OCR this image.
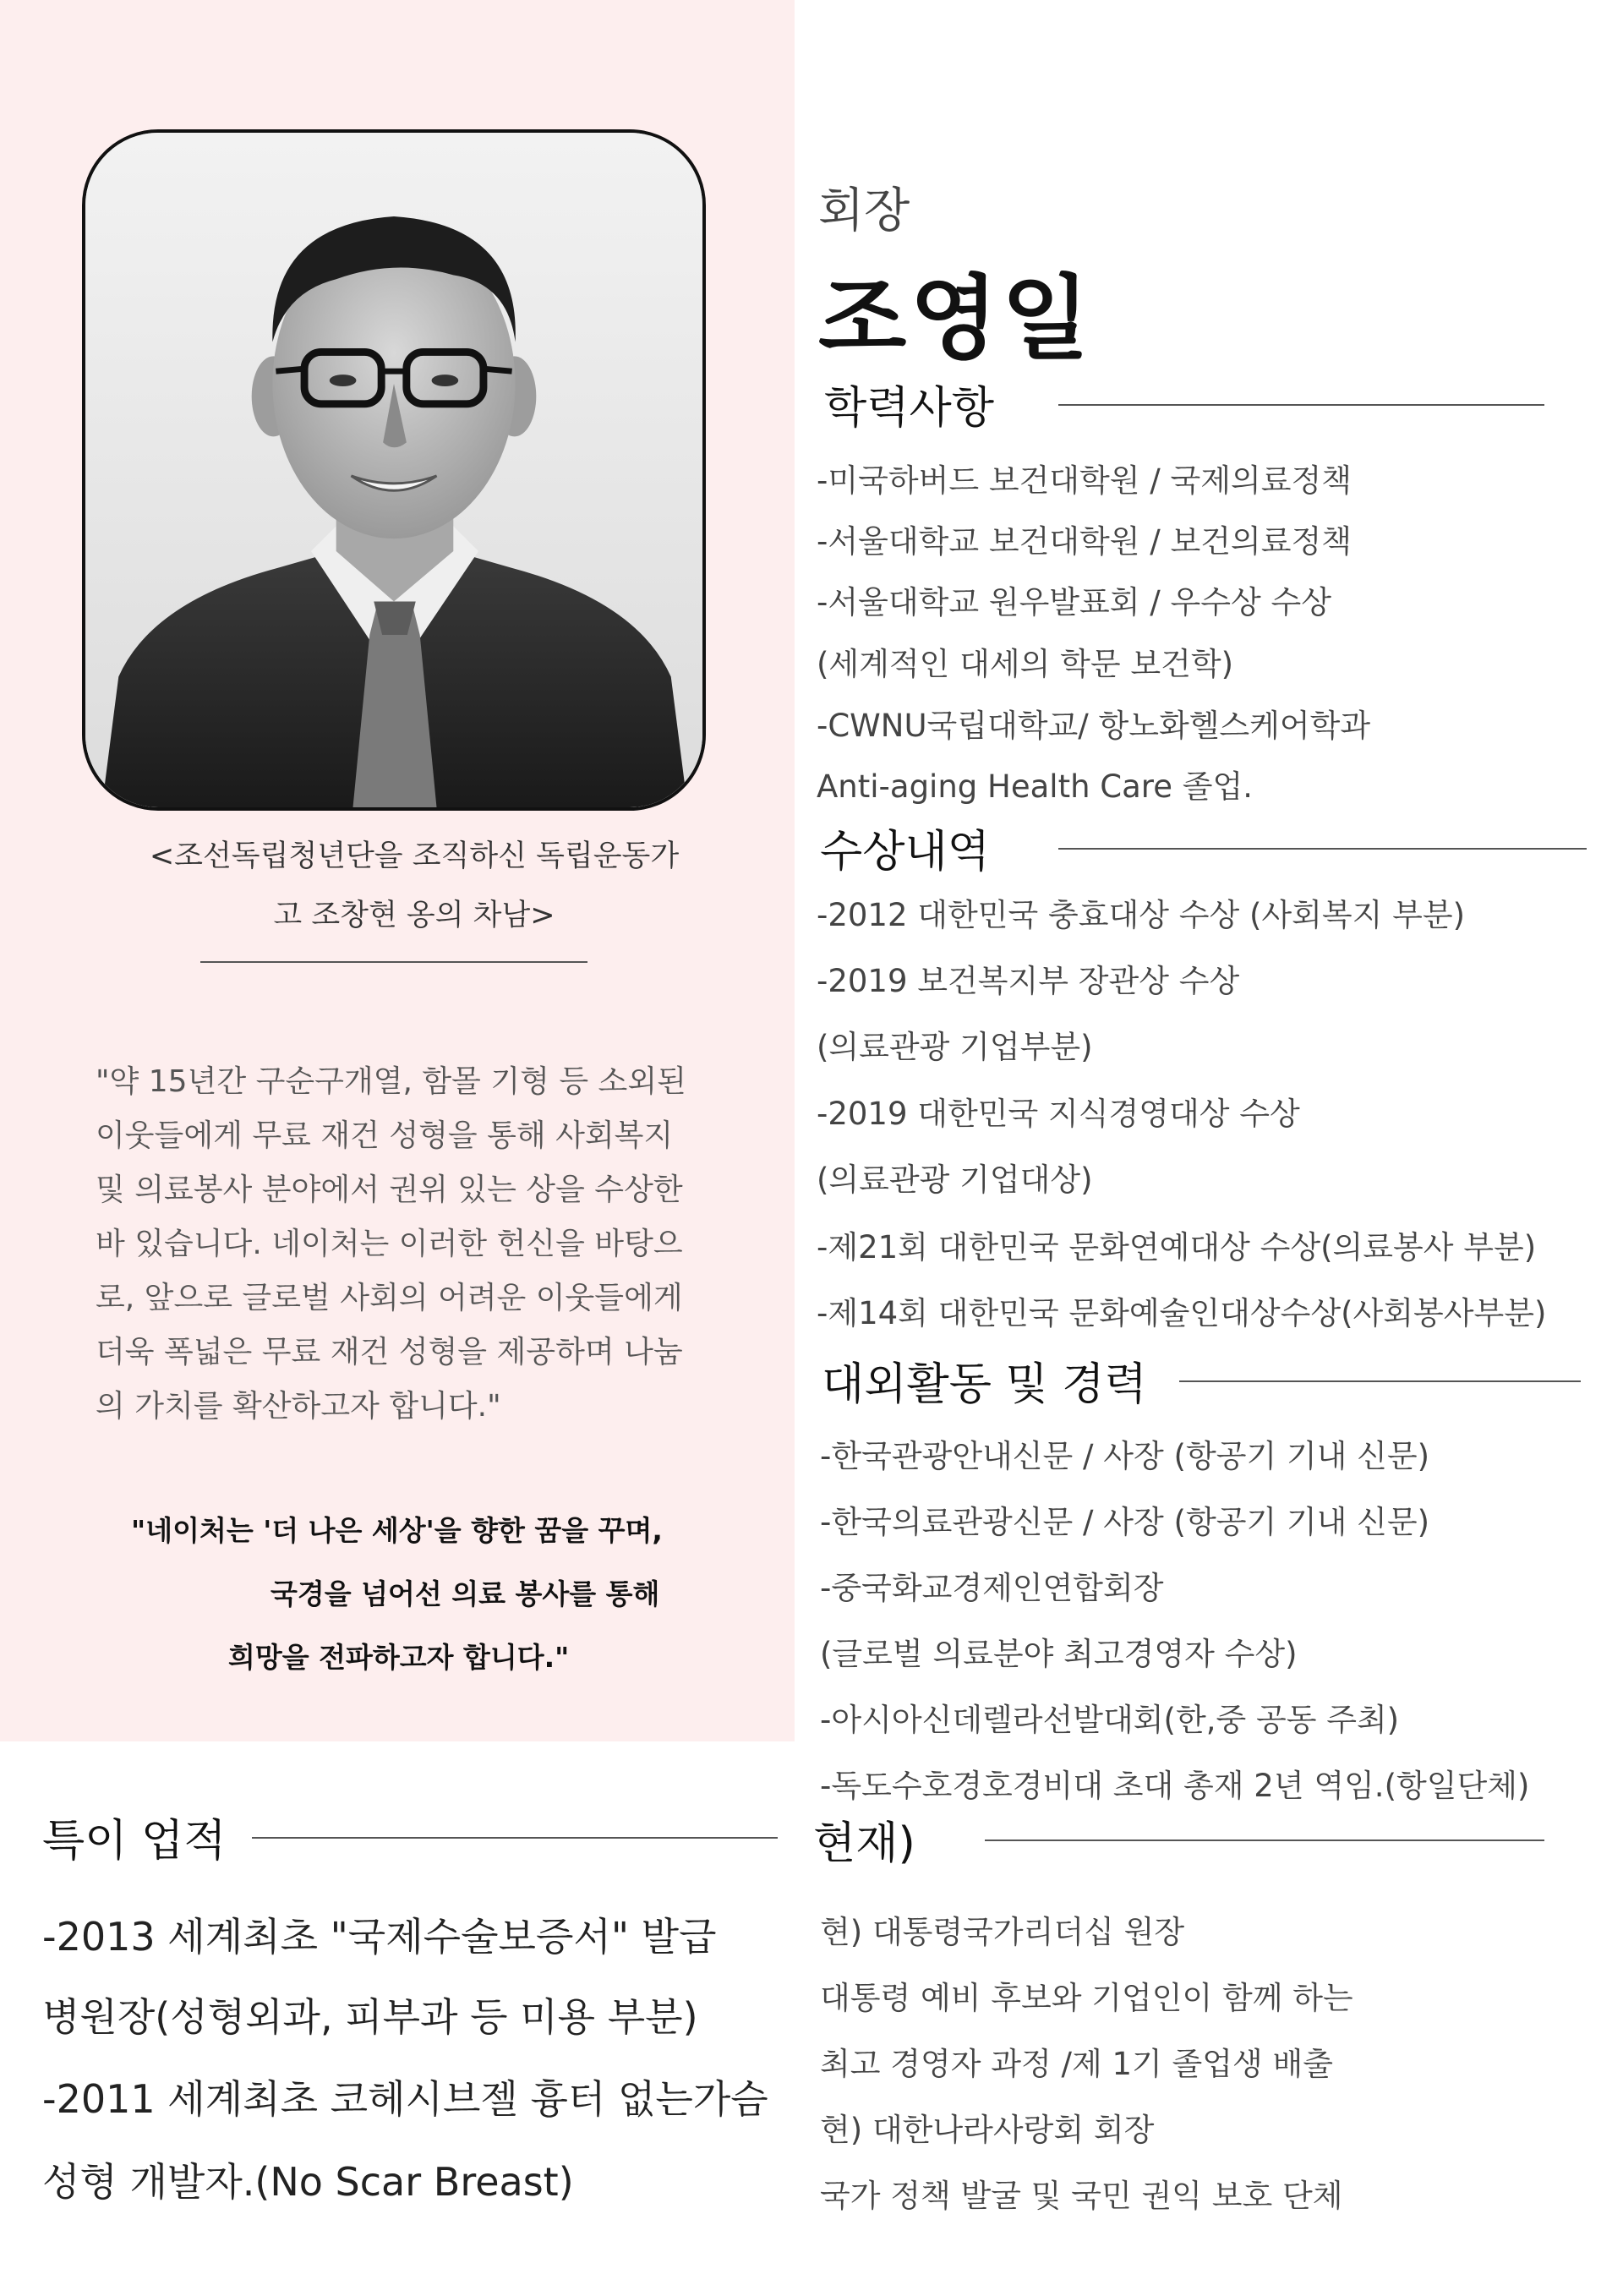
<조선독립청년단을 조직하신 독립운동가
고 조창현 옹의 차남>
"약 15년간 구순구개열, 함몰 기형 등 소외된
이웃들에게 무료 재건 성형을 통해 사회복지
및 의료봉사 분야에서 권위 있는 상을 수상한
바 있습니다. 네이처는 이러한 헌신을 바탕으
로, 앞으로 글로벌 사회의 어려운 이웃들에게
더욱 폭넓은 무료 재건 성형을 제공하며 나눔
의 가치를 확산하고자 합니다."
"네이처는 '더 나은 세상'을 향한 꿈을 꾸며,
국경을 넘어선 의료 봉사를 통해
희망을 전파하고자 합니다."
회장
조영일
학력사항
-미국하버드 보건대학원 / 국제의료정책
-서울대학교 보건대학원 / 보건의료정책
-서울대학교 원우발표회 / 우수상 수상
(세계적인 대세의 학문 보건학)
-CWNU국립대학교/ 항노화헬스케어학과
Anti-aging Health Care 졸업.
수상내역
-2012 대한민국 충효대상 수상 (사회복지 부분)
-2019 보건복지부 장관상 수상
(의료관광 기업부분)
-2019 대한민국 지식경영대상 수상
(의료관광 기업대상)
-제21회 대한민국 문화연예대상 수상(의료봉사 부분)
-제14회 대한민국 문화예술인대상수상(사회봉사부분)
대외활동 및 경력
-한국관광안내신문 / 사장 (항공기 기내 신문)
-한국의료관광신문 / 사장 (항공기 기내 신문)
-중국화교경제인연합회장
(글로벌 의료분야 최고경영자 수상)
-아시아신데렐라선발대회(한,중 공동 주최)
-독도수호경호경비대 초대 총재 2년 역임.(항일단체)
현재)
현) 대통령국가리더십 원장
대통령 예비 후보와 기업인이 함께 하는
최고 경영자 과정 /제 1기 졸업생 배출
현) 대한나라사랑회 회장
국가 정책 발굴 및 국민 권익 보호 단체
특이 업적
-2013 세계최초 "국제수술보증서" 발급
병원장(성형외과, 피부과 등 미용 부분)
-2011 세계최초 코헤시브젤 흉터 없는가슴
성형 개발자.(No Scar Breast)
